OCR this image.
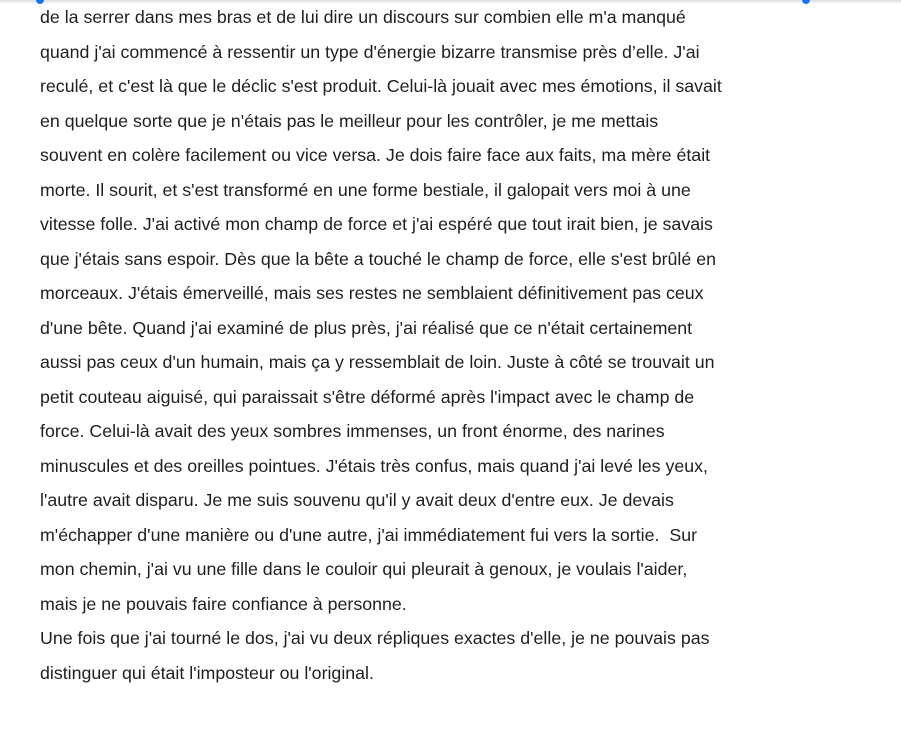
de la serrer dans mes bras et de lui dire un discours sur combien elle m'a manqué
quand j'ai commencé à ressentir un type d'énergie bizarre transmise près d’elle. J'ai
reculé, et c'est là que le déclic s'est produit. Celui-là jouait avec mes émotions, il savait
en quelque sorte que je n'étais pas le meilleur pour les contrôler, je me mettais
souvent en colère facilement ou vice versa. Je dois faire face aux faits, ma mère était
morte. Il sourit, et s'est transformé en une forme bestiale, il galopait vers moi à une
vitesse folle. J'ai activé mon champ de force et j'ai espéré que tout irait bien, je savais
que j'étais sans espoir. Dès que la bête a touché le champ de force, elle s'est brûlé en
morceaux. J'étais émerveillé, mais ses restes ne semblaient définitivement pas ceux
d'une bête. Quand j'ai examiné de plus près, j'ai réalisé que ce n'était certainement
aussi pas ceux d'un humain, mais ça y ressemblait de loin. Juste à côté se trouvait un
petit couteau aiguisé, qui paraissait s'être déformé après l'impact avec le champ de
force. Celui-là avait des yeux sombres immenses, un front énorme, des narines
minuscules et des oreilles pointues. J'étais très confus, mais quand j'ai levé les yeux,
l'autre avait disparu. Je me suis souvenu qu'il y avait deux d'entre eux. Je devais
m'échapper d'une manière ou d'une autre, j'ai immédiatement fui vers la sortie.  Sur
mon chemin, j'ai vu une fille dans le couloir qui pleurait à genoux, je voulais l'aider,
mais je ne pouvais faire confiance à personne.
Une fois que j'ai tourné le dos, j'ai vu deux répliques exactes d'elle, je ne pouvais pas
distinguer qui était l'imposteur ou l'original.
